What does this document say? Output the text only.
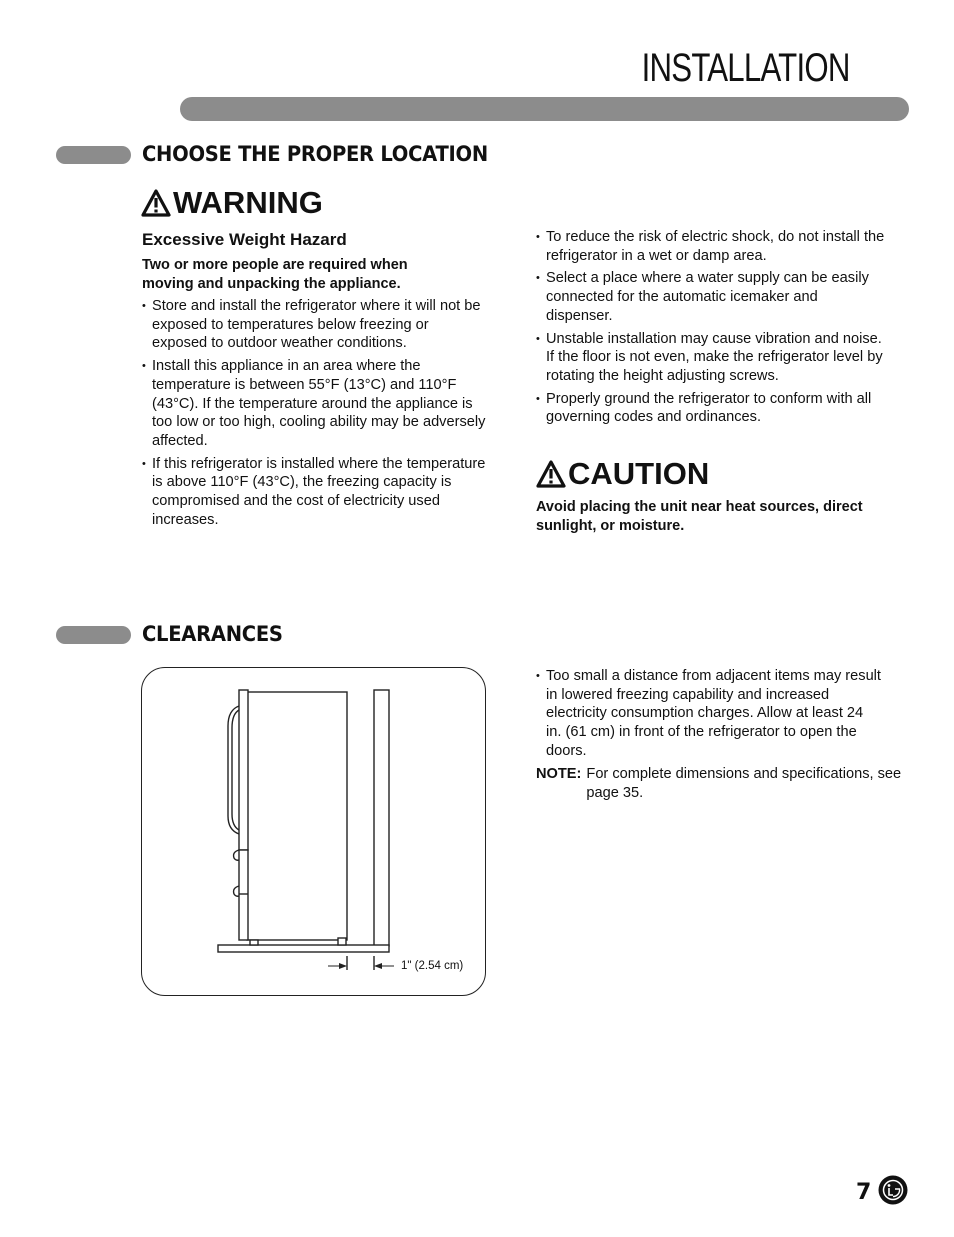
INSTALLATION
CHOOSE THE PROPER LOCATION
WARNING
Excessive Weight Hazard
Two or more people are required when moving and unpacking the appliance.
• Store and install the refrigerator where it will not be exposed to temperatures below freezing or exposed to outdoor weather conditions.
• Install this appliance in an area where the temperature is between 55°F (13°C) and 110°F (43°C). If the temperature around the appliance is too low or too high, cooling ability may be adversely affected.
• If this refrigerator is installed where the temperature is above 110°F (43°C), the freezing capacity is compromised and the cost of electricity used increases.
• To reduce the risk of electric shock, do not install the refrigerator in a wet or damp area.
• Select a place where a water supply can be easily connected for the automatic icemaker and dispenser.
• Unstable installation may cause vibration and noise. If the floor is not even, make the refrigerator level by rotating the height adjusting screws.
• Properly ground the refrigerator to conform with all governing codes and ordinances.
CAUTION
Avoid placing the unit near heat sources, direct sunlight, or moisture.
CLEARANCES
1" (2.54 cm)
• Too small a distance from adjacent items may result in lowered freezing capability and increased electricity consumption charges. Allow at least 24 in. (61 cm) in front of the refrigerator to open the doors.
NOTE: For complete dimensions and specifications, see page 35.
7
